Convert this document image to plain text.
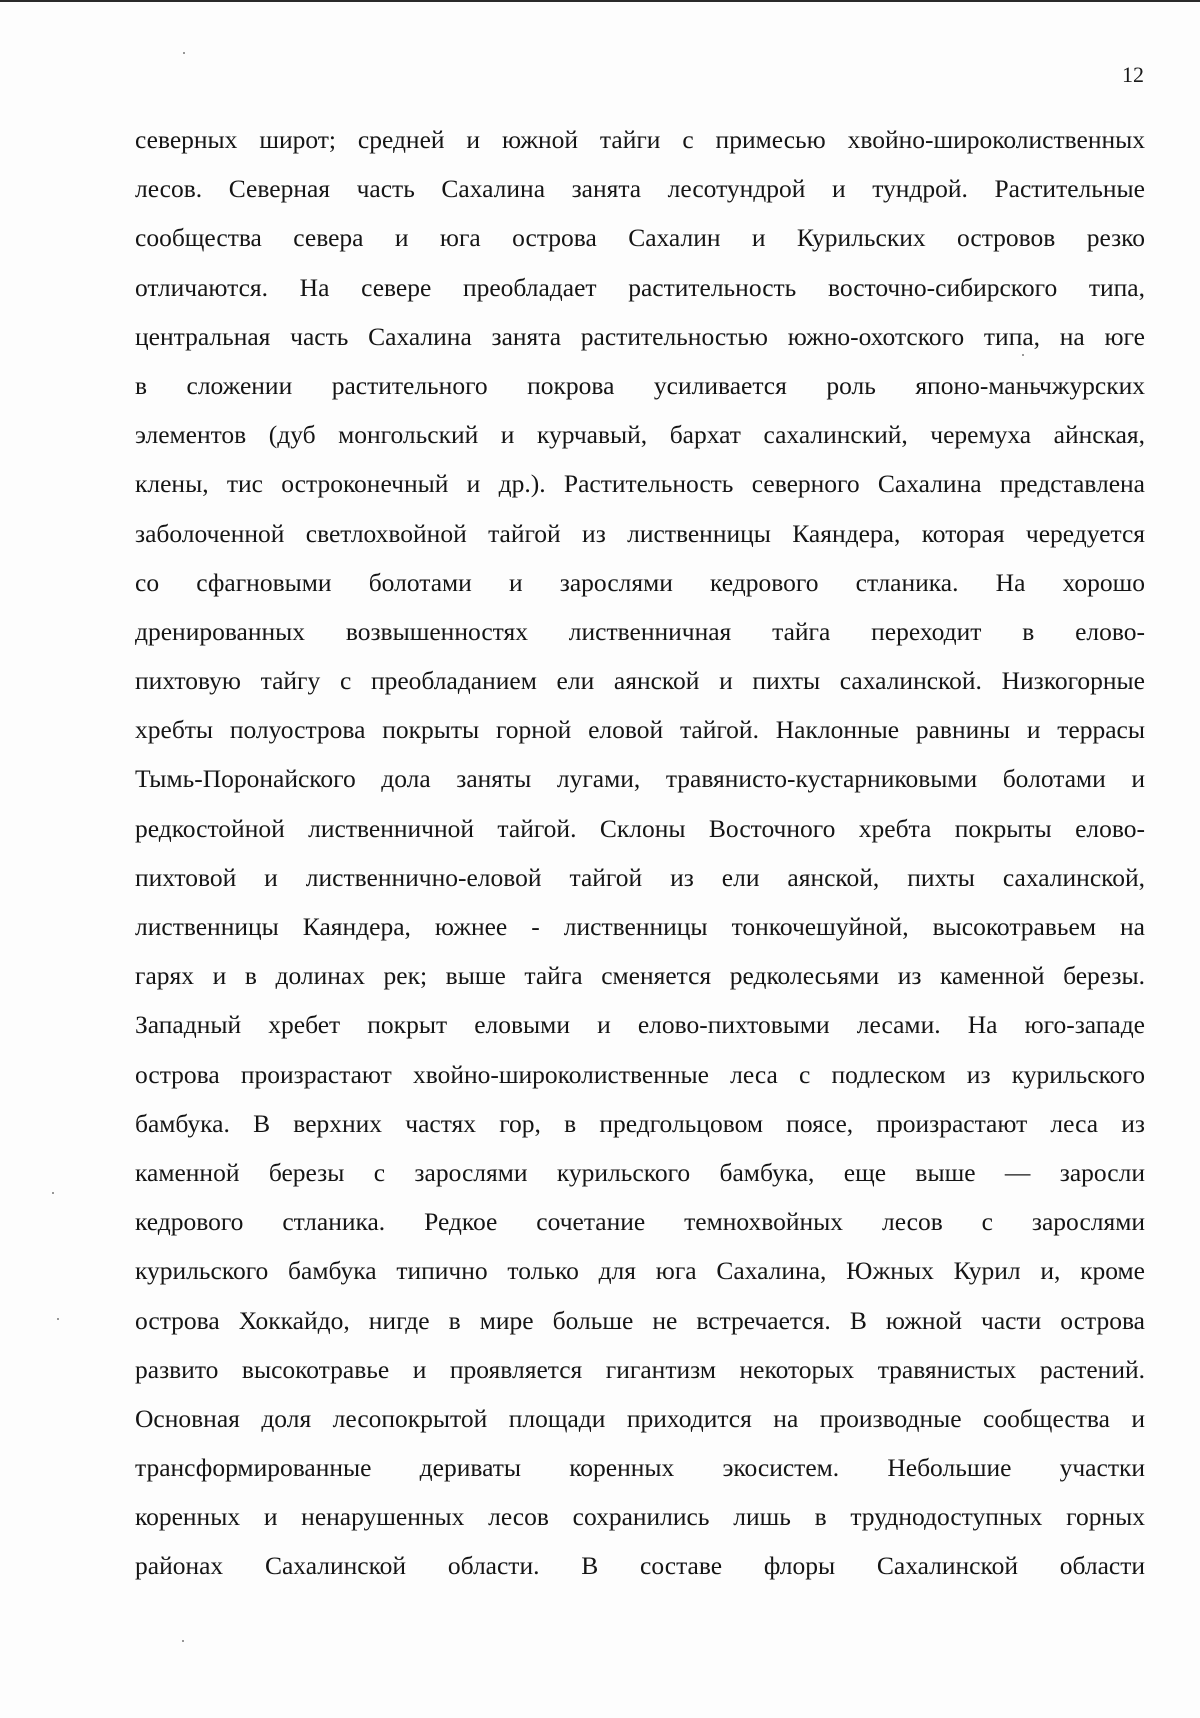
12

северных широт; средней и южной тайги с примесью хвойно-широколиственных
лесов. Северная часть Сахалина занята лесотундрой и тундрой. Растительные
сообщества севера и юга острова Сахалин и Курильских островов резко
отличаются. На севере преобладает растительность восточно-сибирского типа,
центральная часть Сахалина занята растительностью южно-охотского типа, на юге
в сложении растительного покрова усиливается роль японо-маньчжурских
элементов (дуб монгольский и курчавый, бархат сахалинский, черемуха айнская,
клены, тис остроконечный и др.). Растительность северного Сахалина представлена
заболоченной светлохвойной тайгой из лиственницы Каяндера, которая чередуется
со сфагновыми болотами и зарослями кедрового стланика. На хорошо
дренированных возвышенностях лиственничная тайга переходит в елово-
пихтовую тайгу с преобладанием ели аянской и пихты сахалинской. Низкогорные
хребты полуострова покрыты горной еловой тайгой. Наклонные равнины и террасы
Тымь-Поронайского дола заняты лугами, травянисто-кустарниковыми болотами и
редкостойной лиственничной тайгой. Склоны Восточного хребта покрыты елово-
пихтовой и лиственнично-еловой тайгой из ели аянской, пихты сахалинской,
лиственницы Каяндера, южнее - лиственницы тонкочешуйной, высокотравьем на
гарях и в долинах рек; выше тайга сменяется редколесьями из каменной березы.
Западный хребет покрыт еловыми и елово-пихтовыми лесами. На юго-западе
острова произрастают хвойно-широколиственные леса с подлеском из курильского
бамбука. В верхних частях гор, в предгольцовом поясе, произрастают леса из
каменной березы с зарослями курильского бамбука, еще выше — заросли
кедрового стланика. Редкое сочетание темнохвойных лесов с зарослями
курильского бамбука типично только для юга Сахалина, Южных Курил и, кроме
острова Хоккайдо, нигде в мире больше не встречается. В южной части острова
развито высокотравье и проявляется гигантизм некоторых травянистых растений.
Основная доля лесопокрытой площади приходится на производные сообщества и
трансформированные дериваты коренных экосистем. Небольшие участки
коренных и ненарушенных лесов сохранились лишь в труднодоступных горных
районах Сахалинской области. В составе флоры Сахалинской области
